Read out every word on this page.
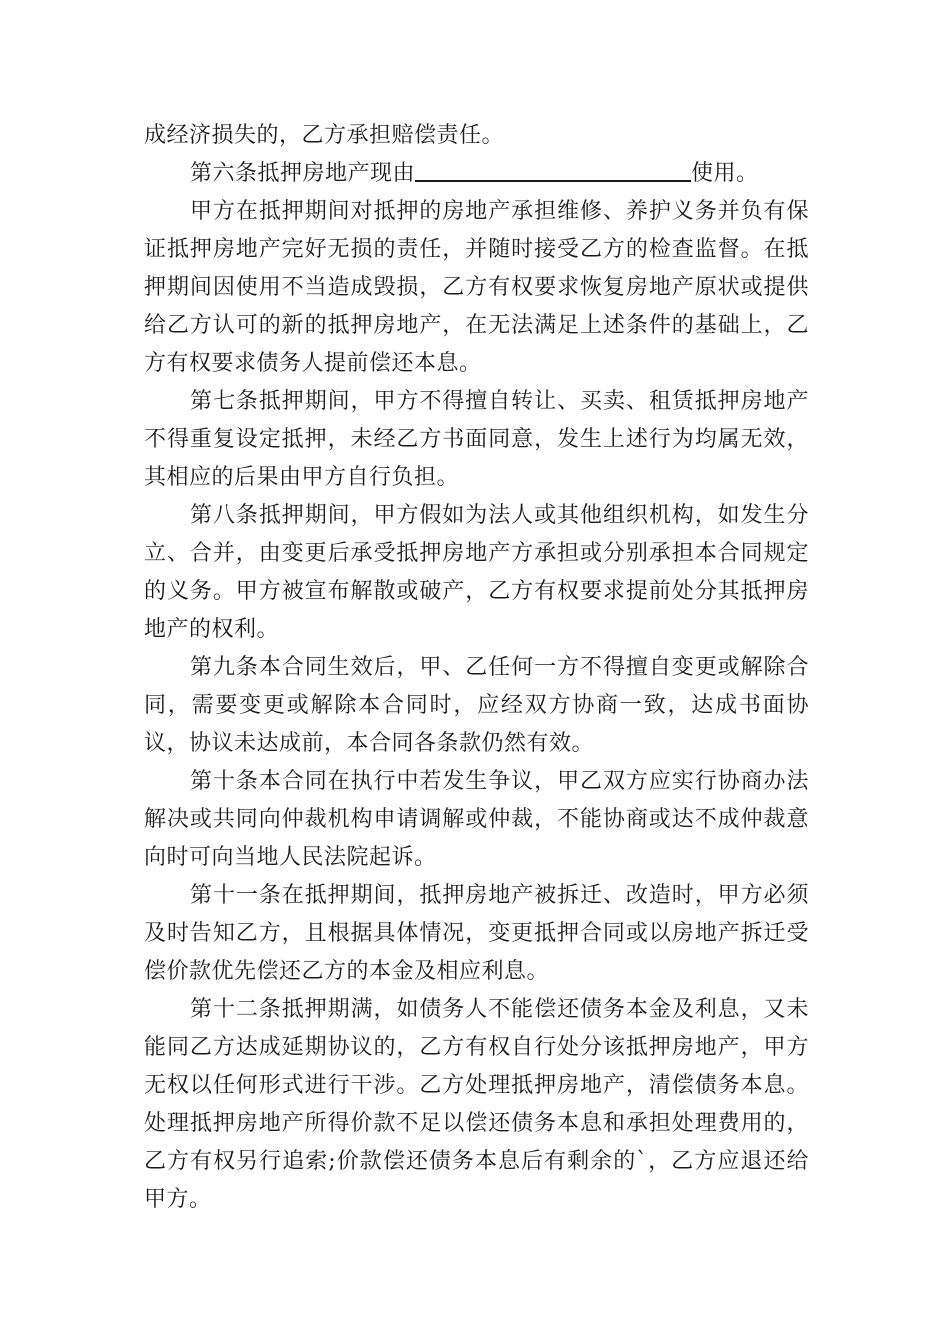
成经济损失的，乙方承担赔偿责任。

第六条抵押房地产现由	使用。

甲方在抵押期间对抵押的房地产承担维修、养护义务并负有保证抵押房地产完好无损的责任，并随时接受乙方的检查监督。在抵押期间因使用不当造成毁损，乙方有权要求恢复房地产原状或提供给乙方认可的新的抵押房地产，在无法满足上述条件的基础上，乙方有权要求债务人提前偿还本息。

第七条抵押期间，甲方不得擅自转让、买卖、租赁抵押房地产不得重复设定抵押，未经乙方书面同意，发生上述行为均属无效，其相应的后果由甲方自行负担。

第八条抵押期间，甲方假如为法人或其他组织机构，如发生分立、合并，由变更后承受抵押房地产方承担或分别承担本合同规定的义务。甲方被宣布解散或破产，乙方有权要求提前处分其抵押房地产的权利。

第九条本合同生效后，甲、乙任何一方不得擅自变更或解除合同，需要变更或解除本合同时，应经双方协商一致，达成书面协议，协议未达成前，本合同各条款仍然有效。

第十条本合同在执行中若发生争议，甲乙双方应实行协商办法解决或共同向仲裁机构申请调解或仲裁，不能协商或达不成仲裁意向时可向当地人民法院起诉。

第十一条在抵押期间，抵押房地产被拆迁、改造时，甲方必须及时告知乙方，且根据具体情况，变更抵押合同或以房地产拆迁受偿价款优先偿还乙方的本金及相应利息。

第十二条抵押期满，如债务人不能偿还债务本金及利息，又未能同乙方达成延期协议的，乙方有权自行处分该抵押房地产，甲方无权以任何形式进行干涉。乙方处理抵押房地产，清偿债务本息。处理抵押房地产所得价款不足以偿还债务本息和承担处理费用的，乙方有权另行追索;价款偿还债务本息后有剩余的`，乙方应退还给甲方。
